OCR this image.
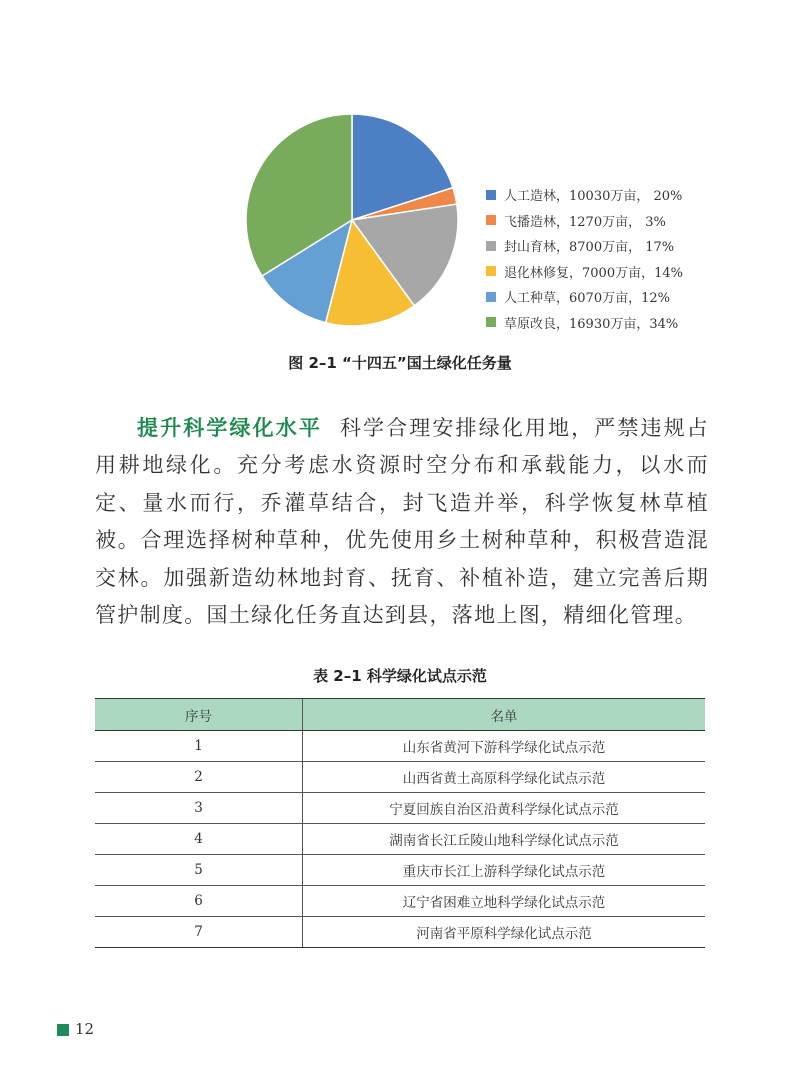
人工造林，10030万亩， 20%
飞播造林，1270万亩， 3%
封山育林，8700万亩， 17%
退化林修复，7000万亩，14%
人工种草，6070万亩，12%
草原改良，16930万亩，34%
图 2–1 “十四五”国土绿化任务量
提升科学绿化水平 科学合理安排绿化用地，严禁违规占用耕地绿化。充分考虑水资源时空分布和承载能力，以水而定、量水而行，乔灌草结合，封飞造并举，科学恢复林草植被。合理选择树种草种，优先使用乡土树种草种，积极营造混交林。加强新造幼林地封育、抚育、补植补造，建立完善后期管护制度。国土绿化任务直达到县，落地上图，精细化管理。
表 2–1 科学绿化试点示范
序号	名单
1	山东省黄河下游科学绿化试点示范
2	山西省黄土高原科学绿化试点示范
3	宁夏回族自治区沿黄科学绿化试点示范
4	湖南省长江丘陵山地科学绿化试点示范
5	重庆市长江上游科学绿化试点示范
6	辽宁省困难立地科学绿化试点示范
7	河南省平原科学绿化试点示范
12
